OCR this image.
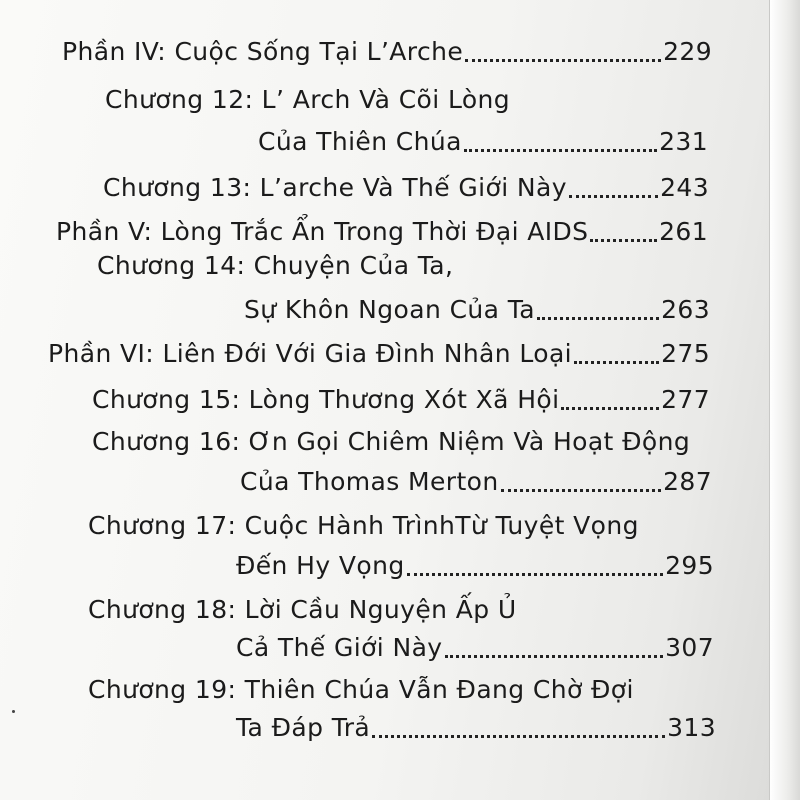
Phần IV: Cuộc Sống Tại L’Arche	229
Chương 12: L’ Arch Và Cõi Lòng
Của Thiên Chúa	231
Chương 13: L’arche Và Thế Giới Này	243
Phần V: Lòng Trắc Ẩn Trong Thời Đại AIDS	261
Chương 14: Chuyện Của Ta,
Sự Khôn Ngoan Của Ta	263
Phần VI: Liên Đới Với Gia Đình Nhân Loại	275
Chương 15: Lòng Thương Xót Xã Hội	277
Chương 16: Ơn Gọi Chiêm Niệm Và Hoạt Động
Của Thomas Merton	287
Chương 17: Cuộc Hành TrìnhTừ Tuyệt Vọng
Đến Hy Vọng	295
Chương 18: Lời Cầu Nguyện Ấp Ủ
Cả Thế Giới Này	307
Chương 19: Thiên Chúa Vẫn Đang Chờ Đợi
Ta Đáp Trả	313
